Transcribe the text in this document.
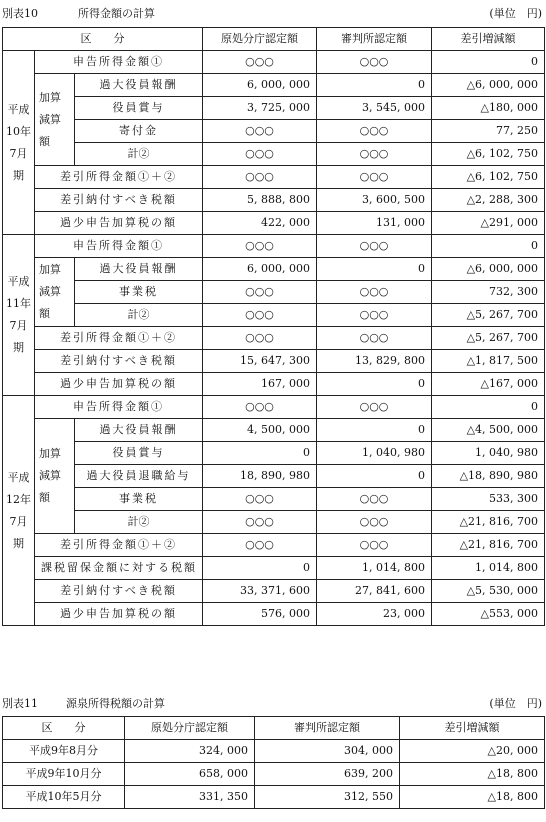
別表10	所得金額の計算	(単位　円)
区　　分			原処分庁認定額	審判所認定額	差引増減額
平成10年7月期	申告所得金額①		○○○	○○○	0
	加算減算額	過大役員報酬	6, 000, 000	0	△6, 000, 000
		役員賞与	3, 725, 000	3, 545, 000	△180, 000
		寄付金	○○○	○○○	77, 250
		計②	○○○	○○○	△6, 102, 750
	差引所得金額①＋②		○○○	○○○	△6, 102, 750
	差引納付すべき税額		5, 888, 800	3, 600, 500	△2, 288, 300
	過少申告加算税の額		422, 000	131, 000	△291, 000
平成11年7月期	申告所得金額①		○○○	○○○	0
	加算減算額	過大役員報酬	6, 000, 000	0	△6, 000, 000
		事業税	○○○	○○○	732, 300
		計②	○○○	○○○	△5, 267, 700
	差引所得金額①＋②		○○○	○○○	△5, 267, 700
	差引納付すべき税額		15, 647, 300	13, 829, 800	△1, 817, 500
	過少申告加算税の額		167, 000	0	△167, 000
平成12年7月期	申告所得金額①		○○○	○○○	0
	加算減算額	過大役員報酬	4, 500, 000	0	△4, 500, 000
		役員賞与	0	1, 040, 980	1, 040, 980
		過大役員退職給与	18, 890, 980	0	△18, 890, 980
		事業税	○○○	○○○	533, 300
		計②	○○○	○○○	△21, 816, 700
	差引所得金額①＋②		○○○	○○○	△21, 816, 700
	課税留保金額に対する税額		0	1, 014, 800	1, 014, 800
	差引納付すべき税額		33, 371, 600	27, 841, 600	△5, 530, 000
	過少申告加算税の額		576, 000	23, 000	△553, 000
別表11	源泉所得税額の計算	(単位　円)
区　　分	原処分庁認定額	審判所認定額	差引増減額
平成9年8月分	324, 000	304, 000	△20, 000
平成9年10月分	658, 000	639, 200	△18, 800
平成10年5月分	331, 350	312, 550	△18, 800
